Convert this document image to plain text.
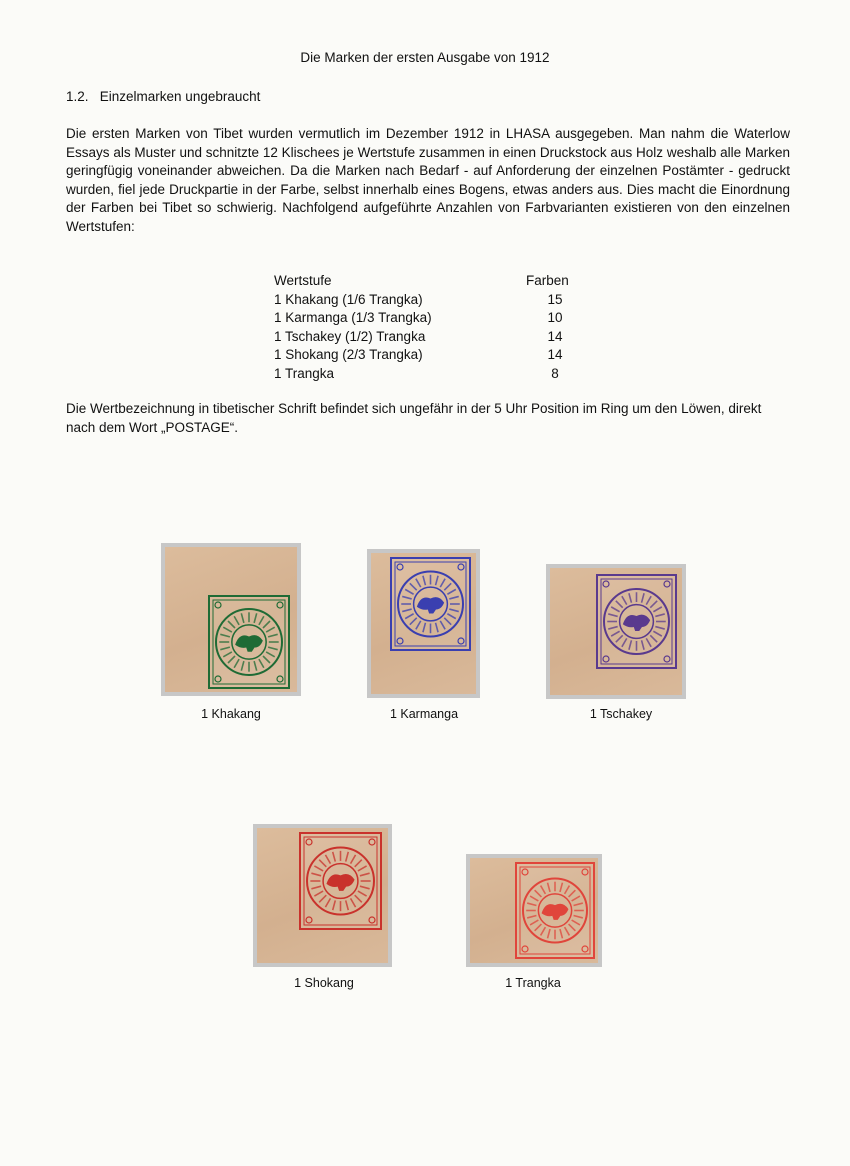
Die Marken der ersten Ausgabe von 1912
1.2.   Einzelmarken ungebraucht

Die ersten Marken von Tibet wurden vermutlich im Dezember 1912 in LHASA ausgegeben. Man nahm die Waterlow Essays als Muster und schnitzte 12 Klischees je Wertstufe zusammen in einen Druckstock aus Holz weshalb alle Marken geringfügig voneinander abweichen. Da die Marken nach Bedarf - auf Anforderung der einzelnen Postämter - gedruckt wurden, fiel jede Druckpartie in der Farbe, selbst innerhalb eines Bogens, etwas anders aus. Dies macht die Einordnung der Farben bei Tibet so schwierig. Nachfolgend aufgeführte Anzahlen von Farbvarianten existieren von den einzelnen Wertstufen:

Wertstufe	Farben
1 Khakang (1/6 Trangka)	15
1 Karmanga (1/3 Trangka)	10
1 Tschakey (1/2) Trangka	14
1 Shokang (2/3 Trangka)	14
1 Trangka	8

Die Wertbezeichnung in tibetischer Schrift befindet sich ungefähr in der 5 Uhr Position im Ring um den Löwen, direkt nach dem Wort „POSTAGE“.

1 Khakang	1 Karmanga	1 Tschakey
1 Shokang	1 Trangka
